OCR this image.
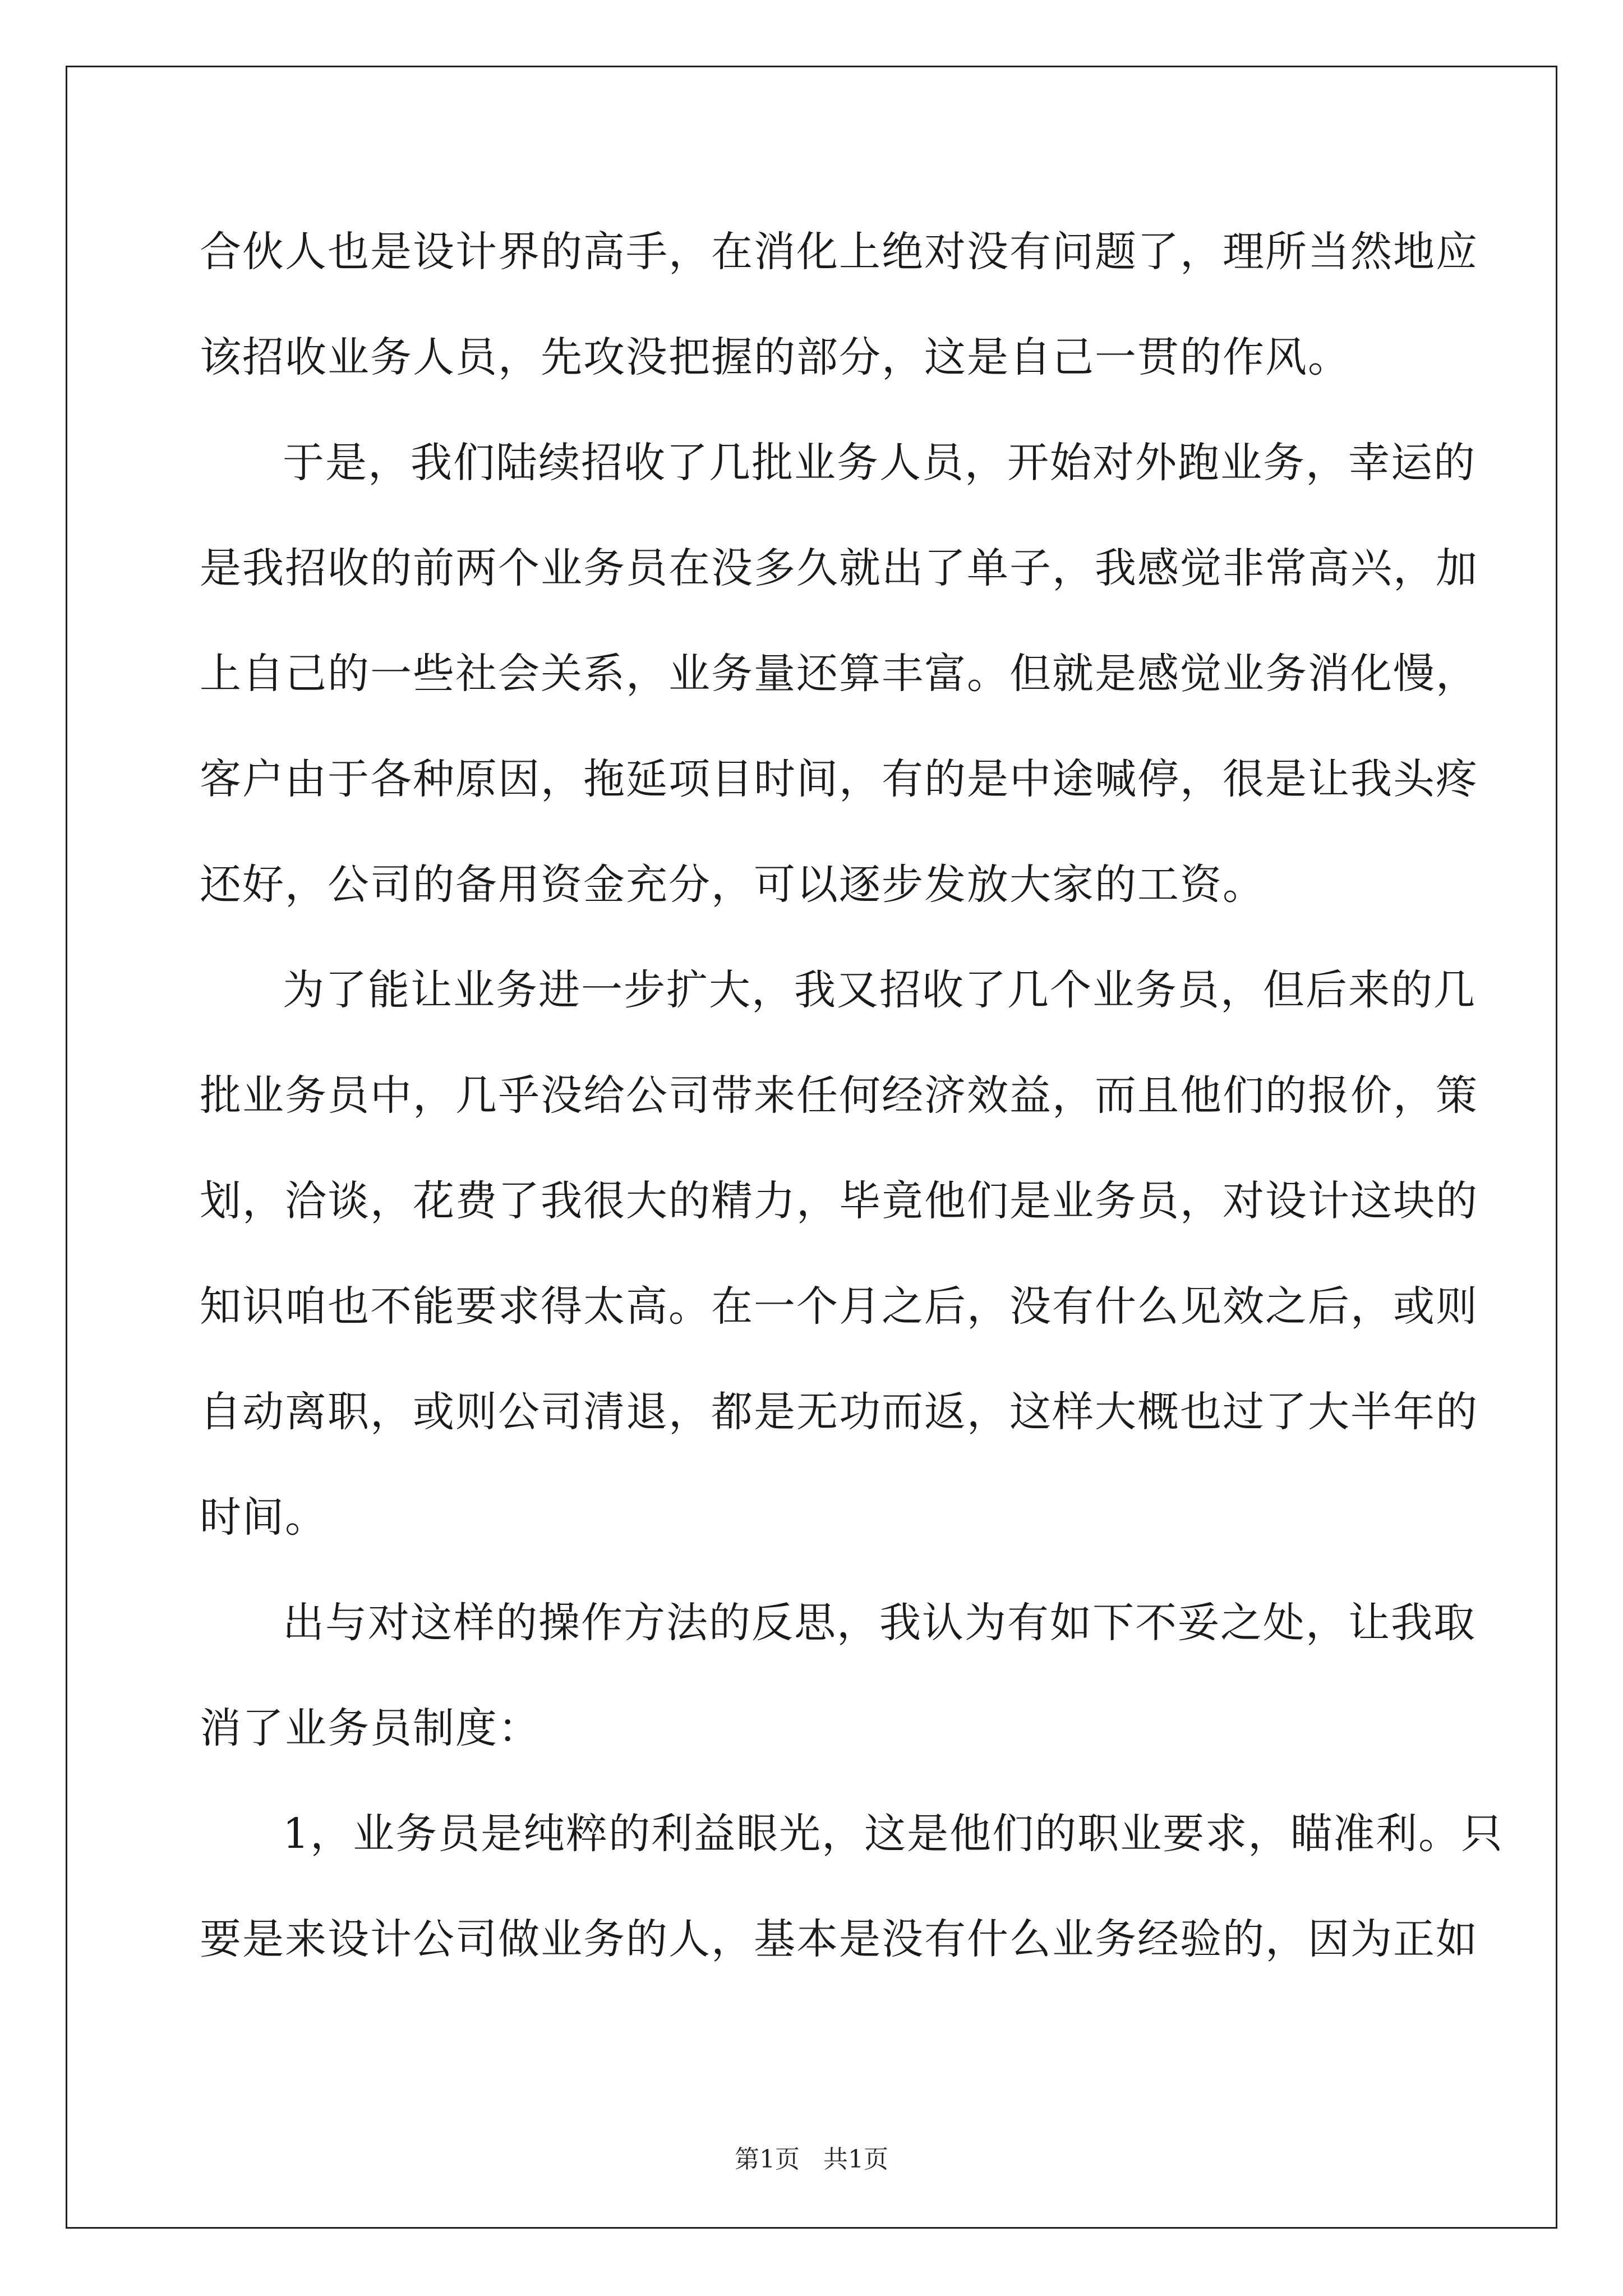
合伙人也是设计界的高手，在消化上绝对没有问题了，理所当然地应
该招收业务人员，先攻没把握的部分，这是自己一贯的作风。
于是，我们陆续招收了几批业务人员，开始对外跑业务，幸运的
是我招收的前两个业务员在没多久就出了单子，我感觉非常高兴，加
上自己的一些社会关系，业务量还算丰富。但就是感觉业务消化慢，
客户由于各种原因，拖延项目时间，有的是中途喊停，很是让我头疼
还好，公司的备用资金充分，可以逐步发放大家的工资。
为了能让业务进一步扩大，我又招收了几个业务员，但后来的几
批业务员中，几乎没给公司带来任何经济效益，而且他们的报价，策
划，洽谈，花费了我很大的精力，毕竟他们是业务员，对设计这块的
知识咱也不能要求得太高。在一个月之后，没有什么见效之后，或则
自动离职，或则公司清退，都是无功而返，这样大概也过了大半年的
时间。
出与对这样的操作方法的反思，我认为有如下不妥之处，让我取
消了业务员制度：
1，业务员是纯粹的利益眼光，这是他们的职业要求，瞄准利。只
要是来设计公司做业务的人，基本是没有什么业务经验的，因为正如
第1页 共1页
